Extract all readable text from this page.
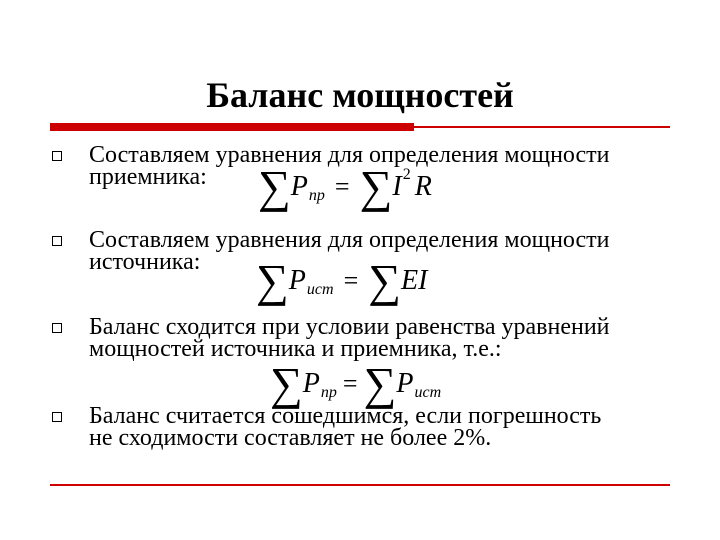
Баланс мощностей
Составляем уравнения для определения мощности
приемника:	∑ P пр = ∑ I 2 R
Составляем уравнения для определения мощности
источника:	∑ P ист = ∑ EI
Баланс сходится при условии равенства уравнений
мощностей источника и приемника, т.е.:
∑ P пр = ∑ P ист
Баланс считается сошедшимся, если погрешность
не сходимости составляет не более 2%.
